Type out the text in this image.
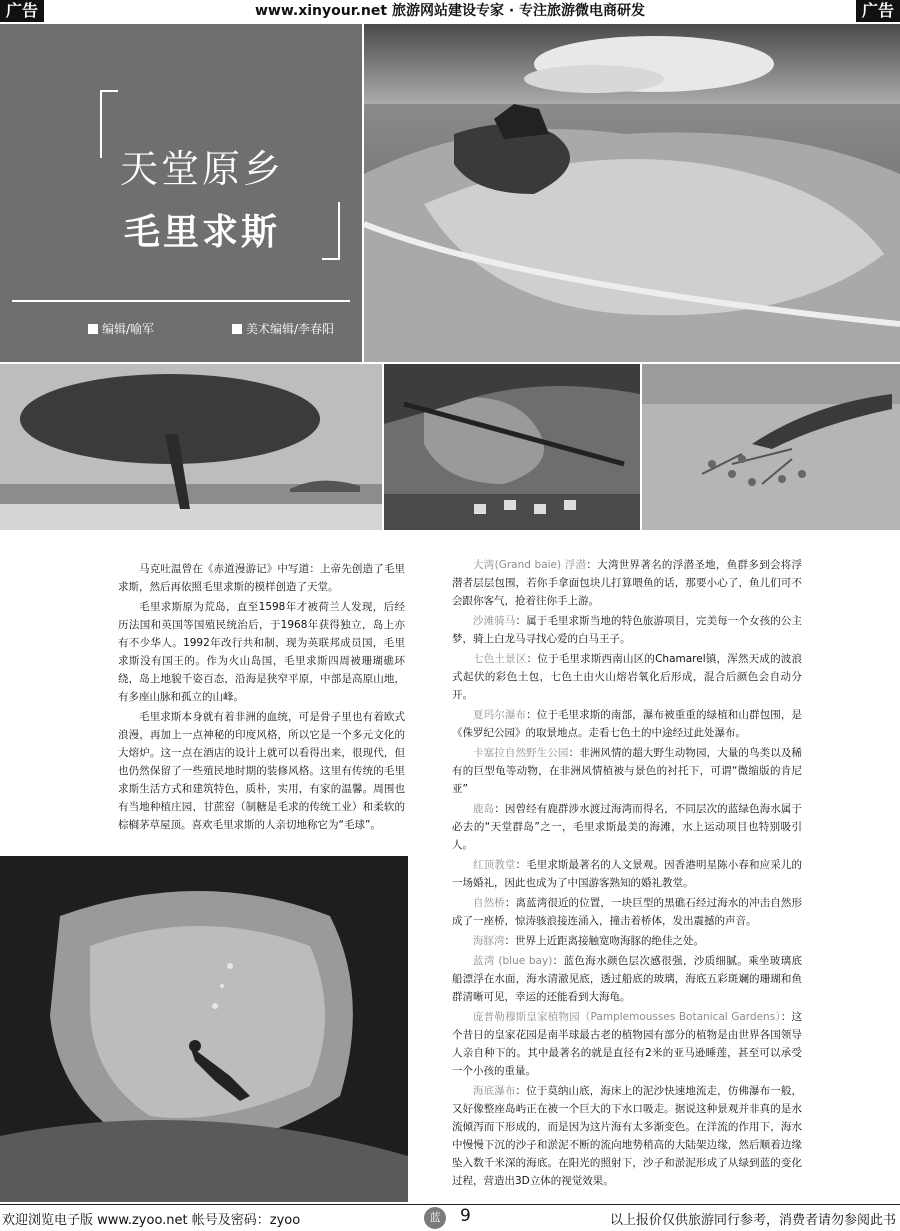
广告	www.xinyour.net 旅游网站建设专家 · 专注旅游微电商研发	广告
天堂原乡
毛里求斯
编辑/喻军	美术编辑/李春阳

马克吐温曾在《赤道漫游记》中写道：上帝先创造了毛里求斯，然后再依照毛里求斯的模样创造了天堂。

毛里求斯原为荒岛，直至1598年才被荷兰人发现，后经历法国和英国等国殖民统治后，于1968年获得独立，岛上亦有不少华人。1992年改行共和制，现为英联邦成员国，毛里求斯没有国王的。作为火山岛国，毛里求斯四周被珊瑚礁环绕，岛上地貌千姿百态，沿海是狭窄平原，中部是高原山地，有多座山脉和孤立的山峰。

毛里求斯本身就有着非洲的血统，可是骨子里也有着欧式浪漫，再加上一点神秘的印度风格，所以它是一个多元文化的大熔炉。这一点在酒店的设计上就可以看得出来，很现代，但也仍然保留了一些殖民地时期的装修风格。这里有传统的毛里求斯生活方式和建筑特色，质朴，实用，有家的温馨。周围也有当地种植庄园，甘蔗窑（制糖是毛求的传统工业）和柔软的棕榈茅草屋顶。喜欢毛里求斯的人亲切地称它为“毛球”。

大湾(Grand baie) 浮潜：大湾世界著名的浮潜圣地，鱼群多到会将浮潜者层层包围，若你手拿面包块儿打算喂鱼的话，那要小心了，鱼儿们可不会跟你客气，抢着往你手上游。

沙滩骑马：属于毛里求斯当地的特色旅游项目，完美每一个女孩的公主梦，骑上白龙马寻找心爱的白马王子。

七色土景区：位于毛里求斯西南山区的Chamarel镇，浑然天成的波浪式起伏的彩色土包，七色土由火山熔岩氧化后形成，混合后颜色会自动分开。

夏玛尔瀑布：位于毛里求斯的南部，瀑布被重重的绿植和山群包围，是《侏罗纪公园》的取景地点。走看七色土的中途经过此处瀑布。

卡塞拉自然野生公园：非洲风情的超大野生动物园，大量的鸟类以及稀有的巨型龟等动物，在非洲风情植被与景色的衬托下，可谓“微缩版的肯尼亚”

鹿岛：因曾经有鹿群涉水渡过海湾而得名，不同层次的蓝绿色海水属于必去的“天堂群岛”之一，毛里求斯最美的海滩，水上运动项目也特别吸引人。

红顶教堂：毛里求斯最著名的人文景观。因香港明星陈小春和应采儿的一场婚礼，因此也成为了中国游客熟知的婚礼教堂。

自然桥：离蓝湾很近的位置，一块巨型的黑礁石经过海水的冲击自然形成了一座桥，惊涛骇浪接连涌入，撞击着桥体，发出震撼的声音。

海豚湾：世界上近距离接触宽吻海豚的绝佳之处。

蓝湾 (blue bay)：蓝色海水颜色层次感很强，沙质细腻。乘坐玻璃底船漂浮在水面，海水清澈见底，透过船底的玻璃，海底五彩斑斓的珊瑚和鱼群清晰可见，幸运的还能看到大海龟。

庞普勒穆斯皇家植物园（Pamplemousses Botanical Gardens）：这个昔日的皇家花园是南半球最古老的植物园有部分的植物是由世界各国领导人亲自种下的。其中最著名的就是直径有2米的亚马逊睡莲，甚至可以承受一个小孩的重量。

海底瀑布：位于莫纳山底，海床上的泥沙快速地流走，仿佛瀑布一般，又好像整座岛屿正在被一个巨大的下水口吸走。据说这种景观并非真的是水流倾泻而下形成的，而是因为这片海有太多渐变色。在洋流的作用下，海水中慢慢下沉的沙子和淤泥不断的流向地势稍高的大陆架边缘，然后顺着边缘坠入数千米深的海底。在阳光的照射下，沙子和淤泥形成了从绿到蓝的变化过程，营造出3D立体的视觉效果。

欢迎浏览电子版 www.zyoo.net 帐号及密码：zyoo	蓝	9	以上报价仅供旅游同行参考，消费者请勿参阅此书
